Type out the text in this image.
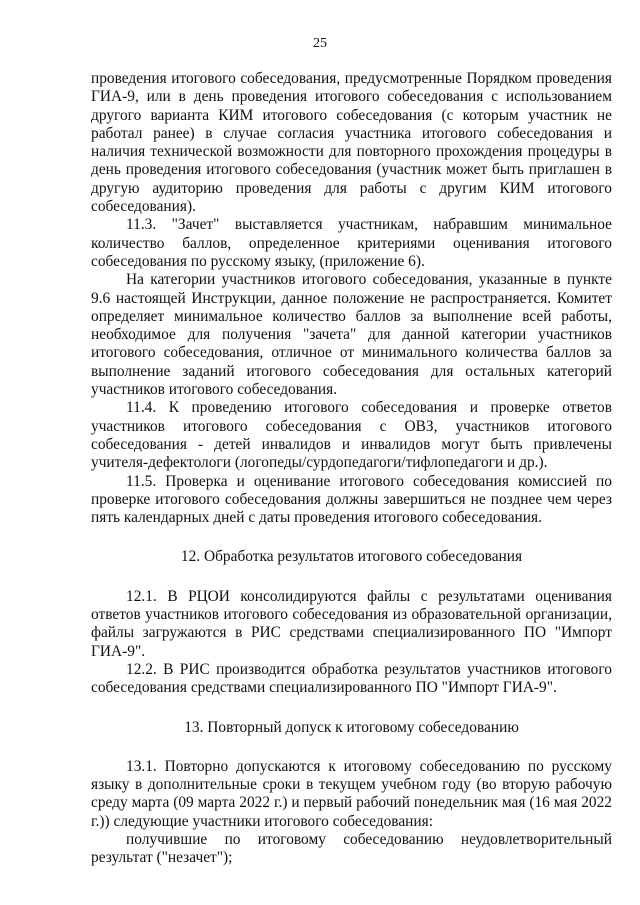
25

проведения итогового собеседования, предусмотренные Порядком проведения ГИА-9, или в день проведения итогового собеседования с использованием другого варианта КИМ итогового собеседования (с которым участник не работал ранее) в случае согласия участника итогового собеседования и наличия технической возможности для повторного прохождения процедуры в день проведения итогового собеседования (участник может быть приглашен в другую аудиторию проведения для работы с другим КИМ итогового собеседования).

11.3. "Зачет" выставляется участникам, набравшим минимальное количество баллов, определенное критериями оценивания итогового собеседования по русскому языку, (приложение 6).

На категории участников итогового собеседования, указанные в пункте 9.6 настоящей Инструкции, данное положение не распространяется. Комитет определяет минимальное количество баллов за выполнение всей работы, необходимое для получения "зачета" для данной категории участников итогового собеседования, отличное от минимального количества баллов за выполнение заданий итогового собеседования для остальных категорий участников итогового собеседования.

11.4. К проведению итогового собеседования и проверке ответов участников итогового собеседования с ОВЗ, участников итогового собеседования - детей инвалидов и инвалидов могут быть привлечены учителя-дефектологи (логопеды/сурдопедагоги/тифлопедагоги и др.).

11.5. Проверка и оценивание итогового собеседования комиссией по проверке итогового собеседования должны завершиться не позднее чем через пять календарных дней с даты проведения итогового собеседования.

12. Обработка результатов итогового собеседования

12.1. В РЦОИ консолидируются файлы с результатами оценивания ответов участников итогового собеседования из образовательной организации, файлы загружаются в РИС средствами специализированного ПО "Импорт ГИА-9".

12.2. В РИС производится обработка результатов участников итогового собеседования средствами специализированного ПО "Импорт ГИА-9".

13. Повторный допуск к итоговому собеседованию

13.1. Повторно допускаются к итоговому собеседованию по русскому языку в дополнительные сроки в текущем учебном году (во вторую рабочую среду марта (09 марта 2022 г.) и первый рабочий понедельник мая (16 мая 2022 г.)) следующие участники итогового собеседования:

получившие по итоговому собеседованию неудовлетворительный результат ("незачет");
